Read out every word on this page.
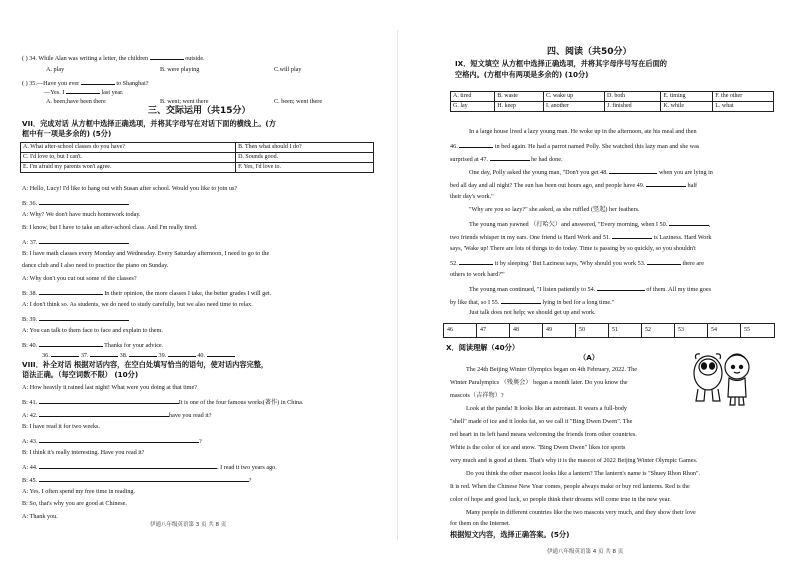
( ) 34. While Alan was writing a letter, the children	outside.
A. play	B. were playing	C.will play
( ) 35.—Have you ever	to Shanghai?
—Yes. I	last year.
A. been;have been there	B. went; went there	C. been; went there
三、交际运用（共15分）
VII．完成对话 从方框中选择正确选项，并将其字母写在对话下面的横线上。(方
框中有一项是多余的) (5分)
A. What after-school classes do you have?	B. Then what should I do?
C. I'd love to, but I can't.	D. Sounds good.
E. I'm afraid my parents won't agree.	F. Yes, I'd love to.
A: Hello, Lucy! I'd like to hang out with Susan after school. Would you like to join us?
B: 36.
A: Why? We don't have much homework today.
B: I know, but I have to take an after-school class. And I'm really tired.
A: 37.
B: I have math classes every Monday and Wednesday. Every Saturday afternoon, I need to go to the
dance club and I also need to practice the piano on Sunday.
A: Why don't you cut out some of the classes?
B: 38.	In their opinion, the more classes I take, the better grades I will get.
A: I don't think so. As students, we do need to study carefully, but we also need time to relax.
B: 39.
A: You can talk to them face to face and explain to them.
B: 40.	Thanks for your advice.
36.	37.	38.	39.	40.
VIII．补全对话 根据对话内容，在空白处填写恰当的语句，使对话内容完整，
语法正确。（每空词数不限） (10分)
A: How heavily it rained last night! What were you doing at that time?
B: 41.	It is one of the four famous works(著作) in China.
A: 42.	have you read it?
B: I have read it for two weeks.
A: 43.	?
B: I think it's really interesting. Have you read it?
A: 44.	. I read it two years ago.
B: 45.	?
A: Yes. I often spend my free time in reading.
B: So, that's why you are good at Chinese.
A: Thank you.
伊通八年级英语第 3 页 共 8 页
四、阅读（共50分）
IX．短文填空 从方框中选择正确选项，并将其字母序号写在后面的
空格内。(方框中有两项是多余的) (10分)
A. tired	B. waste	C. wake up	D. both	E. timing	F. the other
G. lay	H. keep	I. another	J. finished	K. while	L. what
In a large house lived a lazy young man. He woke up in the afternoon, ate his meal and then
46.	in bed again. He had a parrot named Polly. She watched this lazy man and she was
surprised at 47.	he had done.
One day, Polly asked the young man, "Don't you get 48.	when you are lying in
bed all day and all night? The sun has been out hours ago, and people have 49.	half
their day's work."
"Why are you so lazy?" she asked, as she ruffled (竖起) her feathers.
The young man yawned （打哈欠）and answered, "Every morning, when I 50.	,
two friends whisper in my ears. One friend is Hard Work and 51.	is Laziness. Hard Work
says, 'Wake up! There are lots of things to do today. Time is passing by so quickly, so you shouldn't
52.	it by sleeping.' But Laziness says, 'Why should you work 53.	there are
others to work hard?'"
The young man continued, "I listen patiently to 54.	of them. All my time goes
by like that, so I 55.	lying in bed for a long time."
Just talk does not help; we should get up and work.
46	47	48	49	50	51	52	53	54	55
X．阅读理解（40分）
（A）
The 24th Beijing Winter Olympics began on 4th February, 2022. The
Winter Paralympics （残奥会） began a month later. Do you know the
mascots（吉祥物）?
Look at the panda! It looks like an astronaut. It wears a full-body
"shell" made of ice and it looks fat, so we call it "Bing Dwen Dwen". The
red heart in its left hand means welcoming the friends from other countries.
White is the color of ice and snow. "Bing Dwen Dwen" likes ice sports
very much and is good at them. That's why it is the mascot of 2022 Beijing Winter Olympic Games.
Do you think the other mascot looks like a lantern? The lantern's name is "Shuey Rhon Rhon".
It is red. When the Chinese New Year comes, people always make or buy red lanterns. Red is the
color of hope and good luck, so people think their dreams will come true in the new year.
Many people in different countries like the two mascots very much, and they show their love
for them on the Internet.
根据短文内容，选择正确答案。(5分)
伊通八年级英语第 4 页 共 8 页
